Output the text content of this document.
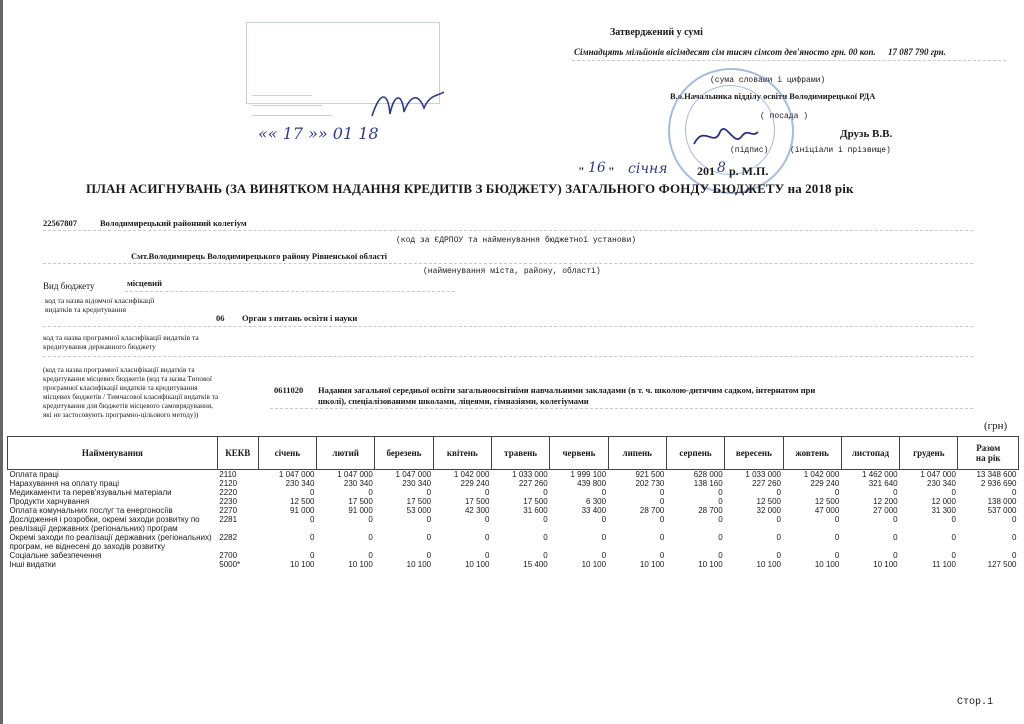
«« 17 »» 01 18
Затверджений у сумі
Сімнадцять мільйонів вісімдесят сім тисяч сімсот дев'яносто грн. 00 коп. 17 087 790 грн.
(сума словами і цифрами)
В.о.Начальника відділу освіти Володимирецької РДА
( посада )
Друзь В.В.
(підпис)	(ініціали і прізвище)
" 16 " січня 201 8 р. М.П.
ПЛАН АСИГНУВАНЬ (ЗА ВИНЯТКОМ НАДАННЯ КРЕДИТІВ З БЮДЖЕТУ) ЗАГАЛЬНОГО ФОНДУ БЮДЖЕТУ на 2018 рік
22567807	Володимирецький районний колегіум
(код за ЄДРПОУ та найменування бюджетної установи)
Смт.Володимирець Володимирецького району Рівненської області
(найменування міста, району, області)
Вид бюджету	місцевий
код та назва відомчої класифікації
видатків та кредитування
06 Орган з питань освіти і науки
код та назва програмної класифікації видатків та
кредитування державного бюджету
(код та назва програмної класифікації видатків та
кредитування місцевих бюджетів (код та назва Типової
програмної класифікації видатків та кредитування
місцевих бюджетів / Тимчасової класифікації видатків та
кредитування для бюджетів місцевого самоврядування,
які не застосовують програмно-цільового методу))
0611020 Надання загальної середньої освіти загальноосвітніми навчальними закладами (в т. ч. школою-дитячим садком, інтернатом при
школі), спеціалізованими школами, ліцеями, гімназіями, колегіумами
(грн)
Найменування	КЕКВ	січень	лютий	березень	квітень	травень	червень	липень	серпень	вересень	жовтень	листопад	грудень	Разом
на рік

Оплата праці	2110	1 047 000	1 047 000	1 047 000	1 042 000	1 033 000	1 999 100	921 500	628 000	1 033 000	1 042 000	1 462 000	1 047 000	13 348 600
Нарахування на оплату праці	2120	230 340	230 340	230 340	229 240	227 260	439 800	202 730	138 160	227 260	229 240	321 640	230 340	2 936 690
Медикаменти та перев'язувальні матеріали	2220	0	0	0	0	0	0	0	0	0	0	0	0	0
Продукти харчування	2230	12 500	17 500	17 500	17 500	17 500	6 300	0	0	12 500	12 500	12 200	12 000	138 000
Оплата комунальних послуг та енергоносіїв	2270	91 000	91 000	53 000	42 300	31 600	33 400	28 700	28 700	32 000	47 000	27 000	31 300	537 000
Дослідження і розробки, окремі заходи розвитку по реалізації державних (регіональних) програм	2281	0	0	0	0	0	0	0	0	0	0	0	0	0
Окремі заходи по реалізації державних (регіональних) програм, не віднесені до заходів розвитку	2282	0	0	0	0	0	0	0	0	0	0	0	0	0
Соціальне забезпечення	2700	0	0	0	0	0	0	0	0	0	0	0	0	0
Інші видатки	5000*	10 100	10 100	10 100	10 100	15 400	10 100	10 100	10 100	10 100	10 100	10 100	11 100	127 500
Стор.1
